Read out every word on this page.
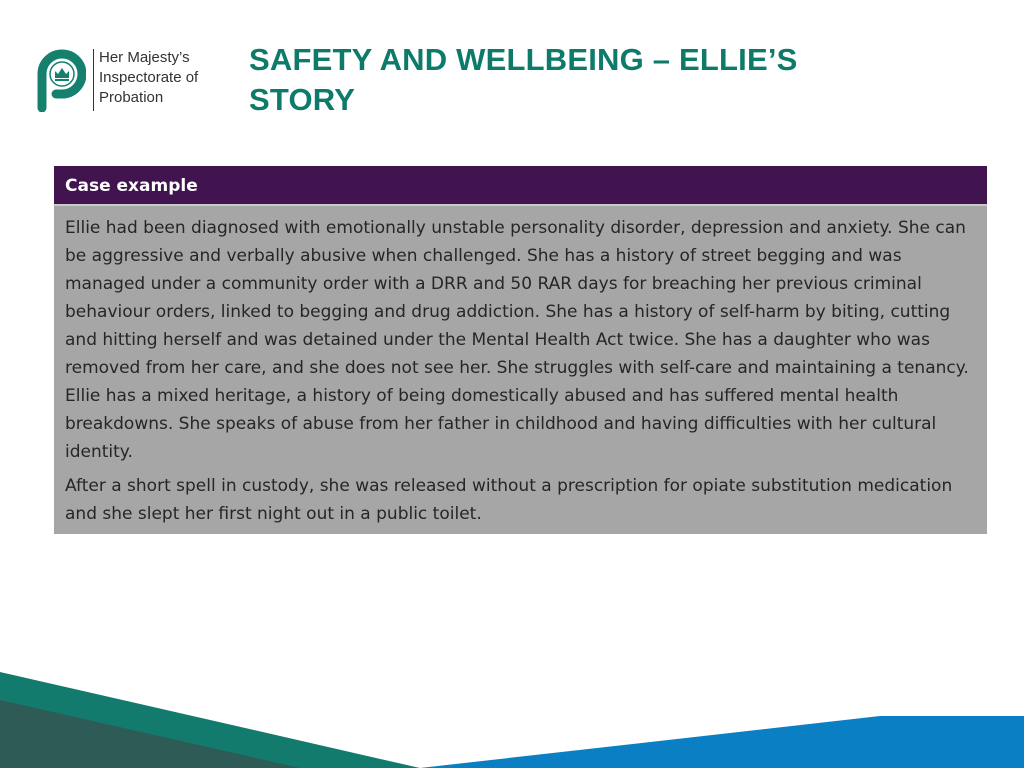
Her Majesty’s
Inspectorate of
Probation
SAFETY AND WELLBEING – ELLIE’S STORY
Case example

Ellie had been diagnosed with emotionally unstable personality disorder, depression and anxiety. She can be aggressive and verbally abusive when challenged. She has a history of street begging and was managed under a community order with a DRR and 50 RAR days for breaching her previous criminal behaviour orders, linked to begging and drug addiction. She has a history of self-harm by biting, cutting and hitting herself and was detained under the Mental Health Act twice. She has a daughter who was removed from her care, and she does not see her. She struggles with self-care and maintaining a tenancy. Ellie has a mixed heritage, a history of being domestically abused and has suffered mental health breakdowns. She speaks of abuse from her father in childhood and having difficulties with her cultural identity.

After a short spell in custody, she was released without a prescription for opiate substitution medication and she slept her first night out in a public toilet.
